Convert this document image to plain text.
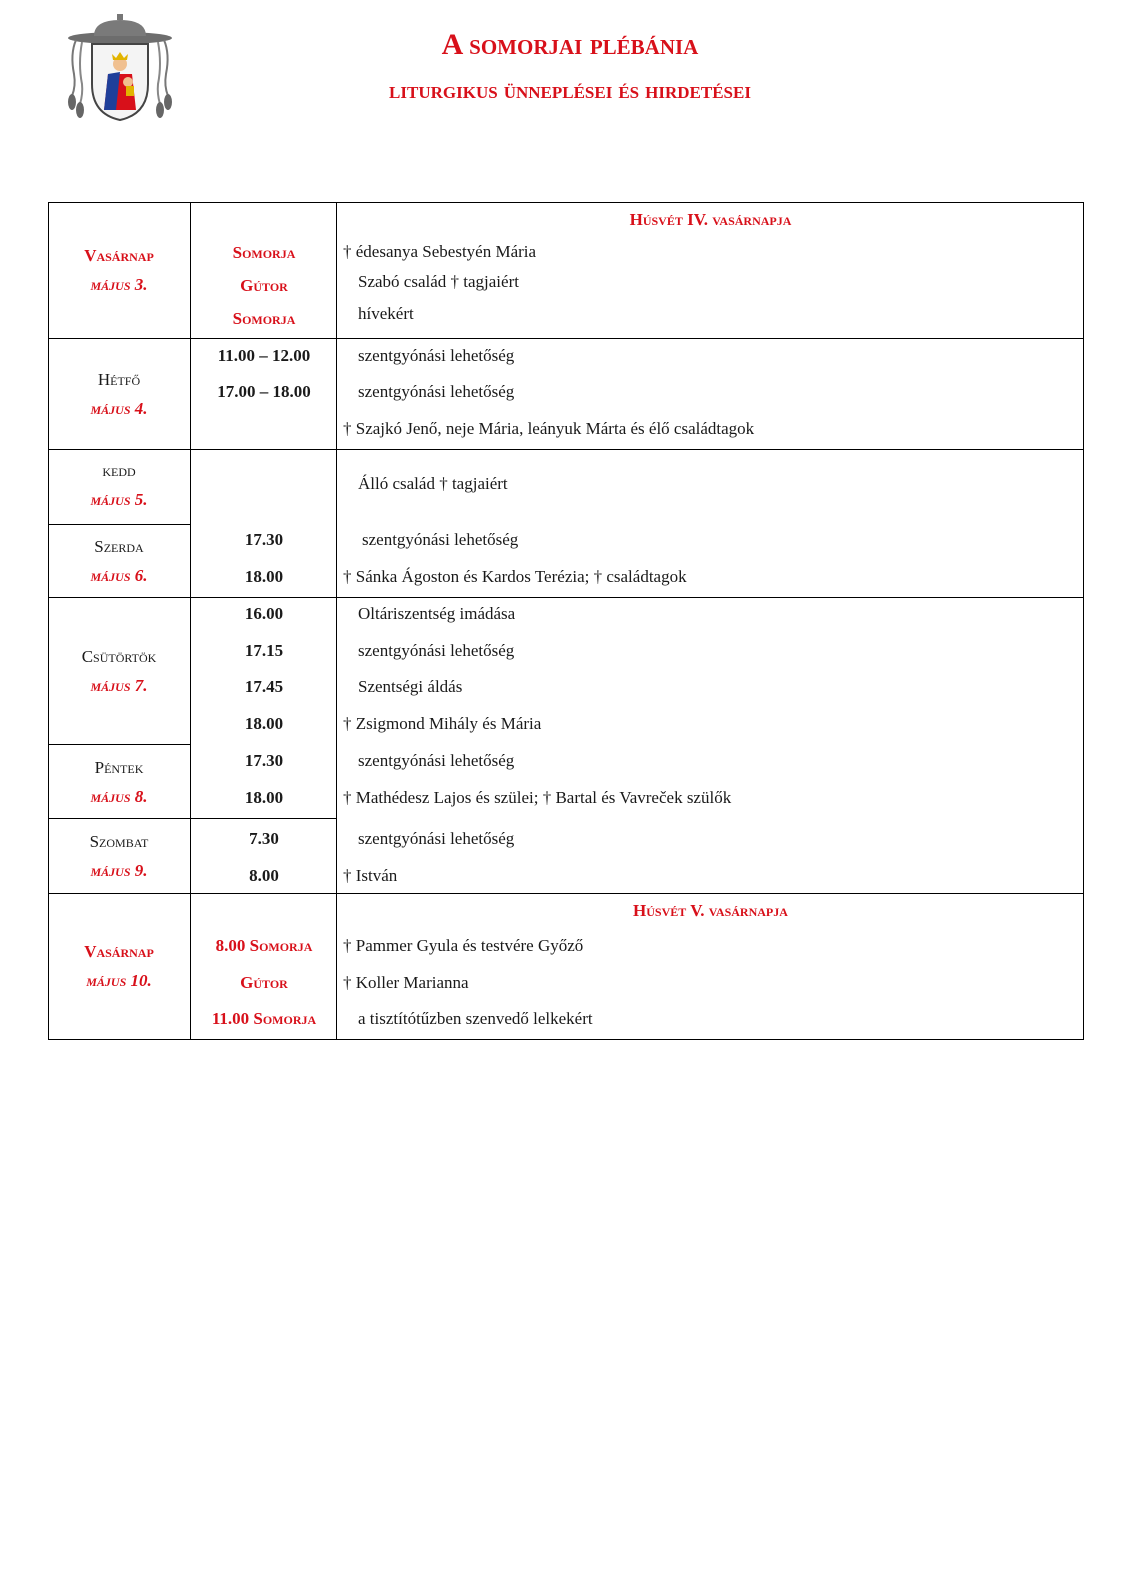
A somorjai plébánia
liturgikus ünneplései és hirdetései
Húsvét IV. vasárnapja
Vasárnap
május 3.
Somorja
Gútor
Somorja
† édesanya Sebestyén Mária
Szabó család † tagjaiért
hívekért
Hétfő
május 4.
11.00 – 12.00
17.00 – 18.00
szentgyónási lehetőség
szentgyónási lehetőség
† Szajkó Jenő, neje Mária, leányuk Márta és élő családtagok
kedd
május 5.
Álló család † tagjaiért
Szerda
május 6.
17.30
18.00
szentgyónási lehetőség
† Sánka Ágoston és Kardos Terézia; † családtagok
Csütörtök
május 7.
16.00
17.15
17.45
18.00
Oltáriszentség imádása
szentgyónási lehetőség
Szentségi áldás
† Zsigmond Mihály és Mária
Péntek
május 8.
17.30
18.00
szentgyónási lehetőség
† Mathédesz Lajos és szülei; † Bartal és Vavreček szülők
Szombat
május 9.
7.30
8.00
szentgyónási lehetőség
† István
Húsvét V. vasárnapja
Vasárnap
május 10.
8.00 Somorja
Gútor
11.00 Somorja
† Pammer Gyula és testvére Győző
† Koller Marianna
a tisztítótűzben szenvedő lelkekért
